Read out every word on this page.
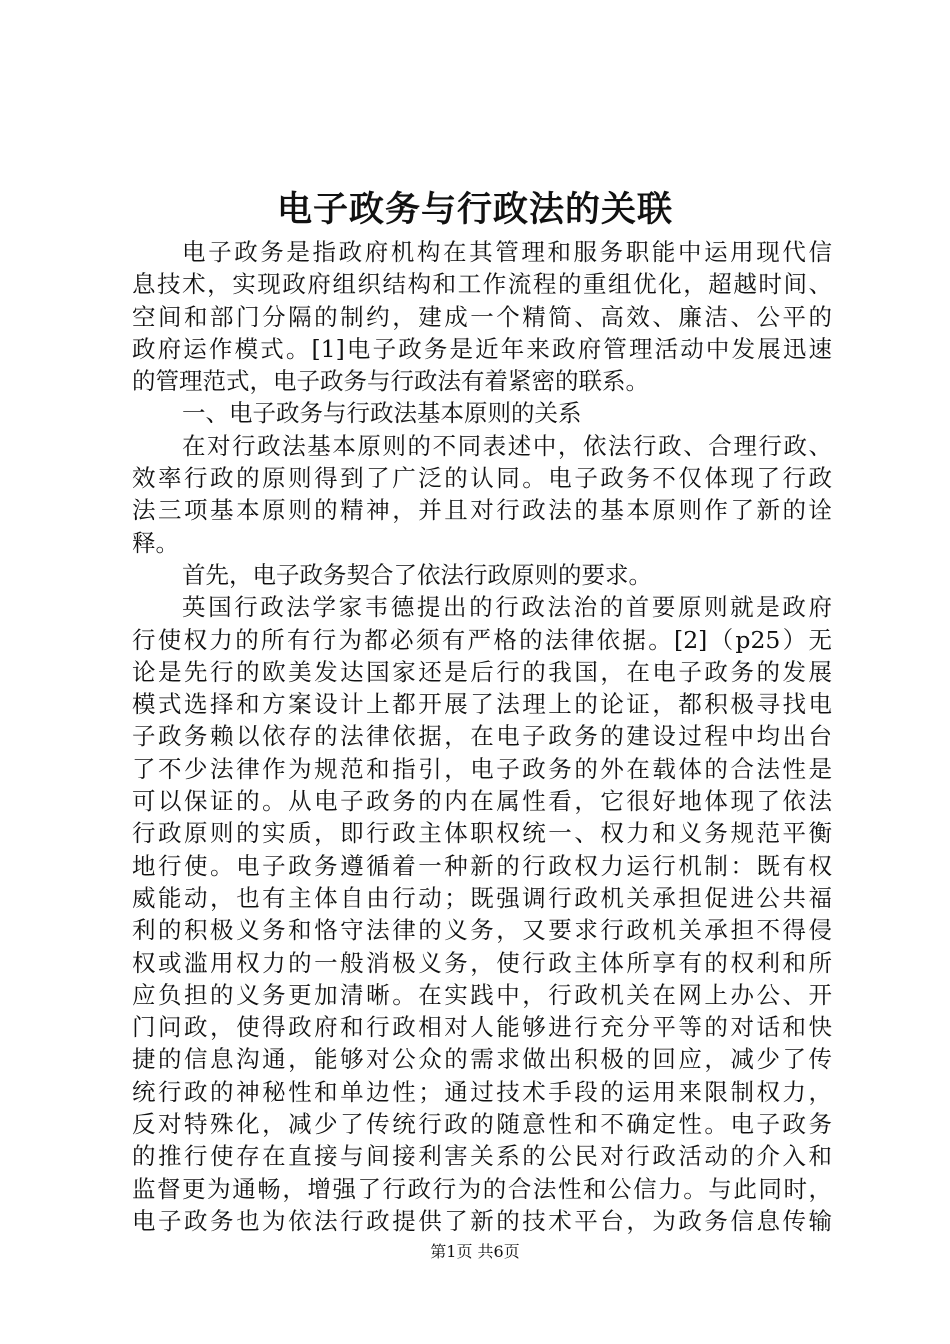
电子政务与行政法的关联

电子政务是指政府机构在其管理和服务职能中运用现代信

息技术，实现政府组织结构和工作流程的重组优化，超越时间、

空间和部门分隔的制约，建成一个精简、高效、廉洁、公平的

政府运作模式。[1]电子政务是近年来政府管理活动中发展迅速

的管理范式，电子政务与行政法有着紧密的联系。

一、电子政务与行政法基本原则的关系

在对行政法基本原则的不同表述中，依法行政、合理行政、

效率行政的原则得到了广泛的认同。电子政务不仅体现了行政

法三项基本原则的精神，并且对行政法的基本原则作了新的诠

释。

首先，电子政务契合了依法行政原则的要求。

英国行政法学家韦德提出的行政法治的首要原则就是政府

行使权力的所有行为都必须有严格的法律依据。[2]（p25）无

论是先行的欧美发达国家还是后行的我国，在电子政务的发展

模式选择和方案设计上都开展了法理上的论证，都积极寻找电

子政务赖以依存的法律依据，在电子政务的建设过程中均出台

了不少法律作为规范和指引，电子政务的外在载体的合法性是

可以保证的。从电子政务的内在属性看，它很好地体现了依法

行政原则的实质，即行政主体职权统一、权力和义务规范平衡

地行使。电子政务遵循着一种新的行政权力运行机制：既有权

威能动，也有主体自由行动；既强调行政机关承担促进公共福

利的积极义务和恪守法律的义务，又要求行政机关承担不得侵

权或滥用权力的一般消极义务，使行政主体所享有的权利和所

应负担的义务更加清晰。在实践中，行政机关在网上办公、开

门问政，使得政府和行政相对人能够进行充分平等的对话和快

捷的信息沟通，能够对公众的需求做出积极的回应，减少了传

统行政的神秘性和单边性；通过技术手段的运用来限制权力，

反对特殊化，减少了传统行政的随意性和不确定性。电子政务

的推行使存在直接与间接利害关系的公民对行政活动的介入和

监督更为通畅，增强了行政行为的合法性和公信力。与此同时，

电子政务也为依法行政提供了新的技术平台，为政务信息传输

第1页 共6页
